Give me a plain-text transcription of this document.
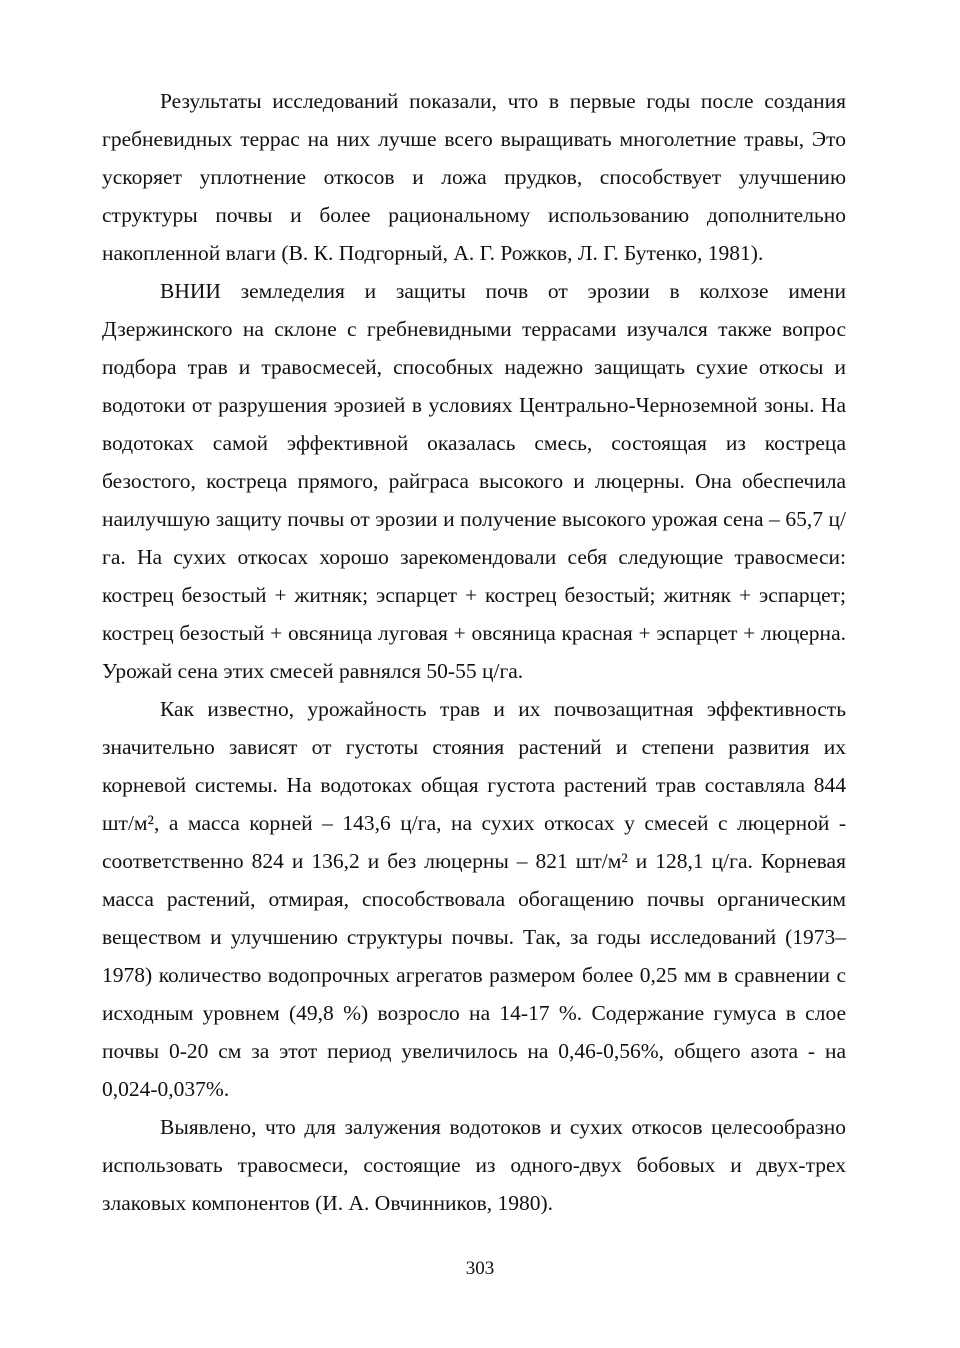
Результаты исследований показали, что в первые годы после создания гребневидных террас на них лучше всего выращивать многолетние травы, Это ускоряет уплотнение откосов и ложа прудков, способствует улучшению структуры почвы и более рациональному использованию дополнительно накопленной влаги (В. К. Подгорный, А. Г. Рожков, Л. Г. Бутенко, 1981).

ВНИИ земледелия и защиты почв от эрозии в колхозе имени Дзержинского на склоне с гребневидными террасами изучался также вопрос подбора трав и травосмесей, способных надежно защищать сухие откосы и водотоки от разрушения эрозией в условиях Центрально-Черноземной зоны. На водотоках самой эффективной оказалась смесь, состоящая из костреца безостого, костреца прямого, райграса высокого и люцерны. Она обеспечила наилучшую защиту почвы от эрозии и получение высокого урожая сена – 65,7 ц/га. На сухих откосах хорошо зарекомендовали себя следующие травосмеси: кострец безостый + житняк; эспарцет + кострец безостый; житняк + эспарцет; кострец безостый + овсяница луговая + овсяница красная + эспарцет + люцерна. Урожай сена этих смесей равнялся 50-55 ц/га.

Как известно, урожайность трав и их почвозащитная эффективность значительно зависят от густоты стояния растений и степени развития их корневой системы. На водотоках общая густота растений трав составляла 844 шт/м², а масса корней – 143,6 ц/га, на сухих откосах у смесей с люцерной - соответственно 824 и 136,2 и без люцерны – 821 шт/м² и 128,1 ц/га. Корневая масса растений, отмирая, способствовала обогащению почвы органическим веществом и улучшению структуры почвы. Так, за годы исследований (1973–1978) количество водопрочных агрегатов размером более 0,25 мм в сравнении с исходным уровнем (49,8 %) возросло на 14-17 %. Содержание гумуса в слое почвы 0-20 см за этот период увеличилось на 0,46-0,56%, общего азота - на 0,024-0,037%.

Выявлено, что для залужения водотоков и сухих откосов целесообразно использовать травосмеси, состоящие из одного-двух бобовых и двух-трех злаковых компонентов (И. А. Овчинников, 1980).

303
